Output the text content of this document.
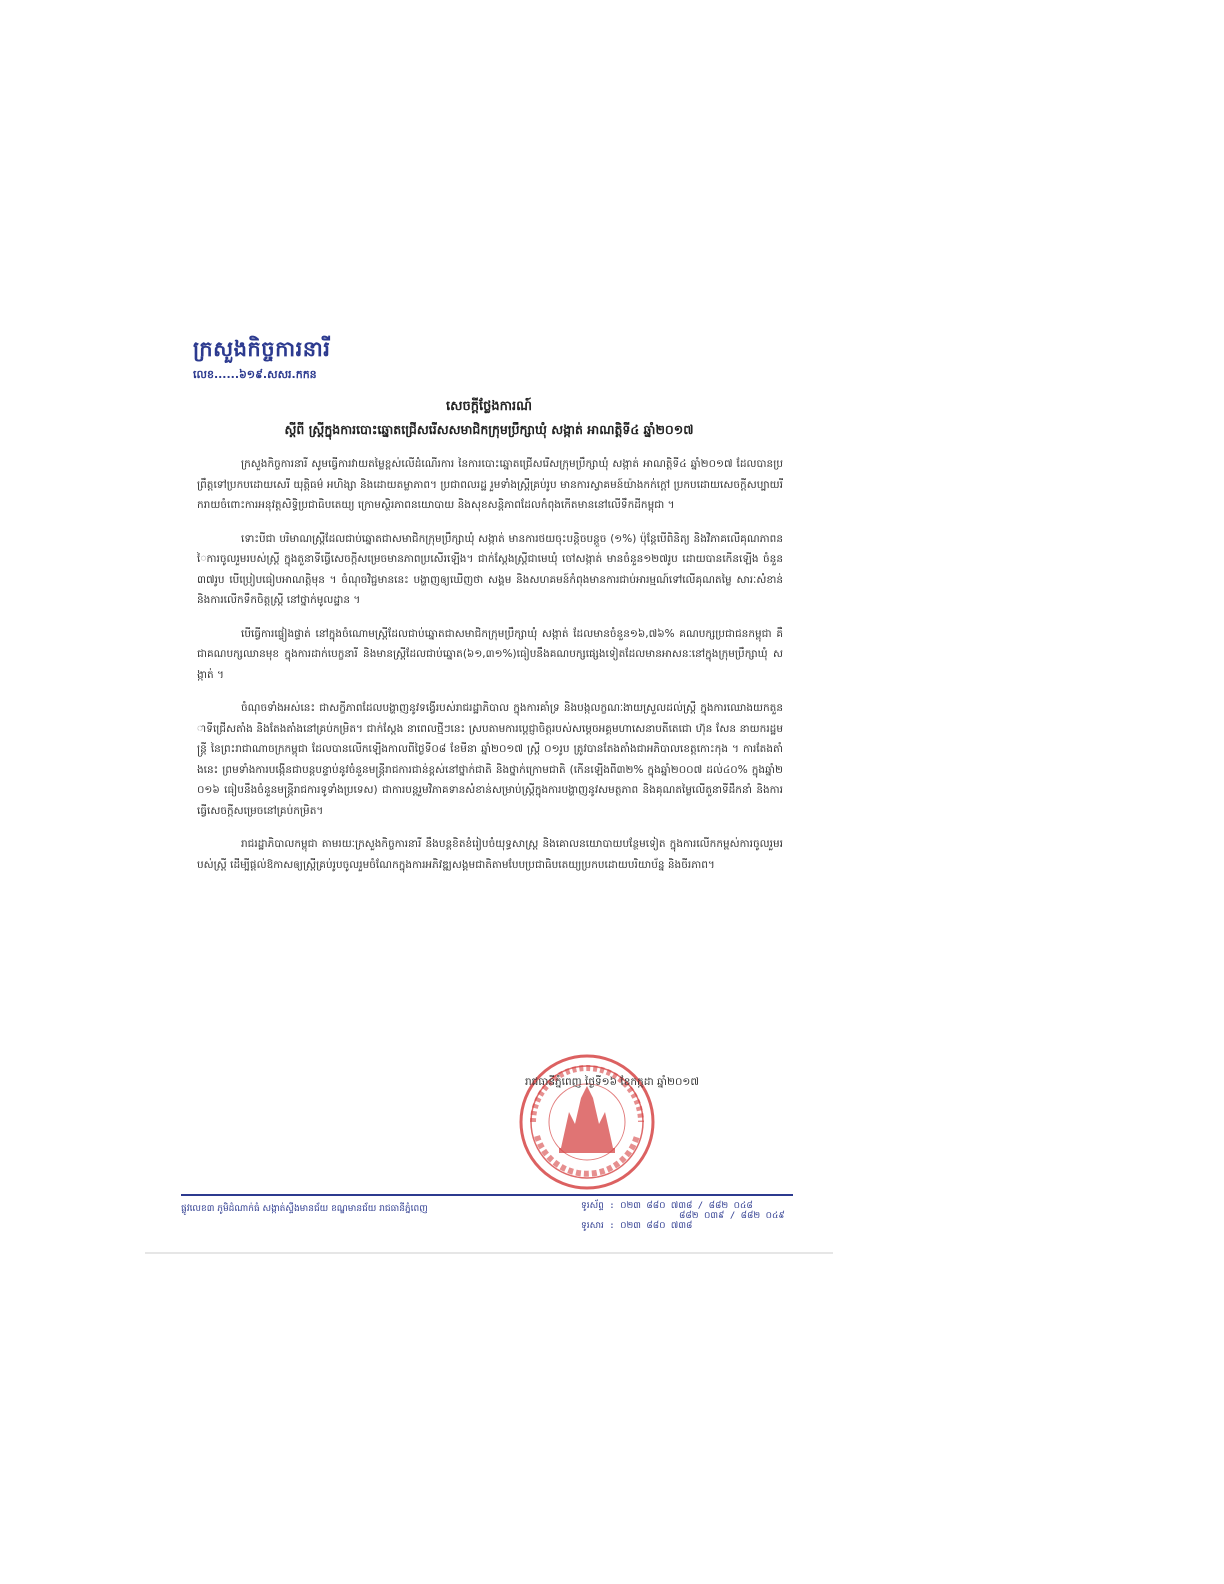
ក្រសួងកិច្ចការនារី
លេខ......៦១៩.សសរ.កកន
សេចក្តីថ្លែងការណ៍
ស្តីពី ស្ត្រីក្នុងការបោះឆ្នោតជ្រើសរើសសមាជិកក្រុមប្រឹក្សាឃុំ សង្កាត់ អាណត្តិទី៤ ឆ្នាំ២០១៧

ក្រសួងកិច្ចការនារី សូមធ្វើការវាយតម្លៃខ្ពស់លើដំណើរការ នៃការបោះឆ្នោតជ្រើសរើសក្រុមប្រឹក្សាឃុំ សង្កាត់ អាណត្តិទី៤ ឆ្នាំ២០១៧ ដែលបានប្រព្រឹត្តទៅប្រកបដោយសេរី យុត្តិធម៌ អហិង្សា និងដោយតម្លាភាព។ ប្រជាពលរដ្ឋ រួមទាំងស្ត្រីគ្រប់រូប មានការស្វាគមន៍យ៉ាងកក់ក្តៅ ប្រកបដោយសេចក្តីសប្បាយរីករាយចំពោះការអនុវត្តសិទ្ធិប្រជាធិបតេយ្យ ក្រោមស្ថិរភាពនយោបាយ និងសុខសន្តិភាពដែលកំពុងកើតមាននៅលើទឹកដីកម្ពុជា ។

ទោះបីជា បរិមាណស្ត្រីដែលជាប់ឆ្នោតជាសមាជិកក្រុមប្រឹក្សាឃុំ សង្កាត់ មានការថយចុះបន្តិចបន្តួច (១%) ប៉ុន្តែបើពិនិត្យ និងវិភាគលើគុណភាពនៃការចូលរួមរបស់ស្ត្រី ក្នុងតួនាទីធ្វើសេចក្តីសម្រេចមានភាពប្រសើរឡើង។ ជាក់ស្តែងស្ត្រីជាមេឃុំ ចៅសង្កាត់ មានចំនួន១២៧រូប ដោយបានកើនឡើង ចំនួន៣៧រូប បើប្រៀបធៀបអាណត្តិមុន ។ ចំណុចវិជ្ជមាននេះ បង្ហាញឲ្យឃើញថា សង្គម និងសហគមន៍កំពុងមានការជាប់អារម្មណ៍ទៅលើគុណតម្លៃ សារៈសំខាន់ និងការលើកទឹកចិត្តស្ត្រី នៅថ្នាក់មូលដ្ឋាន ។

បើធ្វើការផ្ទៀងផ្ទាត់ នៅក្នុងចំណោមស្ត្រីដែលជាប់ឆ្នោតជាសមាជិកក្រុមប្រឹក្សាឃុំ សង្កាត់ ដែលមានចំនួន១៦,៧៦% គណបក្សប្រជាជនកម្ពុជា គឺជាគណបក្សឈានមុខ ក្នុងការដាក់បេក្ខនារី និងមានស្ត្រីដែលជាប់ឆ្នោត(៦១,៣១%)ធៀបនឹងគណបក្សផ្សេងទៀតដែលមានអាសនៈនៅក្នុងក្រុមប្រឹក្សាឃុំ សង្កាត់ ។

ចំណុចទាំងអស់នេះ ជាសក្ខីភាពដែលបង្ហាញនូវទង្វើរបស់រាជរដ្ឋាភិបាល ក្នុងការគាំទ្រ និងបង្កលក្ខណៈងាយស្រួលដល់ស្ត្រី ក្នុងការឈោងយកតួនាទីជ្រើសតាំង និងតែងតាំងនៅគ្រប់កម្រិត។ ជាក់ស្តែង នាពេលថ្មីៗនេះ ស្របតាមការប្តេជ្ញាចិត្តរបស់សម្តេចអគ្គមហាសេនាបតីតេជោ ហ៊ុន សែន នាយករដ្ឋមន្ត្រី នៃព្រះរាជាណាចក្រកម្ពុជា ដែលបានលើកឡើងកាលពីថ្ងៃទី០៨ ខែមីនា ឆ្នាំ២០១៧ ស្ត្រី ០១រូប ត្រូវបានតែងតាំងជាអភិបាលខេត្តកោះកុង ។ ការតែងតាំងនេះ ព្រមទាំងការបង្កើនជាបន្តបន្ទាប់នូវចំនួនមន្ត្រីរាជការជាន់ខ្ពស់នៅថ្នាក់ជាតិ និងថ្នាក់ក្រោមជាតិ (កើនឡើងពី៣២% ក្នុងឆ្នាំ២០០៧ ដល់៤០% ក្នុងឆ្នាំ២០១៦ ធៀបនឹងចំនួនមន្ត្រីរាជការទូទាំងប្រទេស) ជាការបន្តរួមវិភាគទានសំខាន់សម្រាប់ស្ត្រីក្នុងការបង្ហាញនូវសមត្ថភាព និងគុណតម្លៃលើតួនាទីដឹកនាំ និងការធ្វើសេចក្តីសម្រេចនៅគ្រប់កម្រិត។

រាជរដ្ឋាភិបាលកម្ពុជា តាមរយៈក្រសួងកិច្ចការនារី នឹងបន្តខិតខំរៀបចំយុទ្ធសាស្ត្រ និងគោលនយោបាយបន្ថែមទៀត ក្នុងការលើកកម្ពស់ការចូលរួមរបស់ស្ត្រី ដើម្បីផ្តល់ឱកាសឲ្យស្ត្រីគ្រប់រូបចូលរួមចំណែកក្នុងការអភិវឌ្ឍសង្គមជាតិតាមបែបប្រជាធិបតេយ្យប្រកបដោយបរិយាប័ន្ន និងចីរភាព។

រាជធានីភ្នំពេញ ថ្ងៃទី១៦ ខែកក្កដា ឆ្នាំ២០១៧
ផ្លូវលេខ៣ ភូមិដំណាក់ធំ សង្កាត់ស្ទឹងមានជ័យ ខណ្ឌមានជ័យ រាជធានីភ្នំពេញ	ទូរស័ព្ទ : ០២៣ ៨៨០ ៧៣៨ / ៨៨២ ០៤៨
៨៨២ ០៣៩ / ៨៨២ ០៤៩
ទូរសារ : ០២៣ ៨៨០ ៧៣៨
